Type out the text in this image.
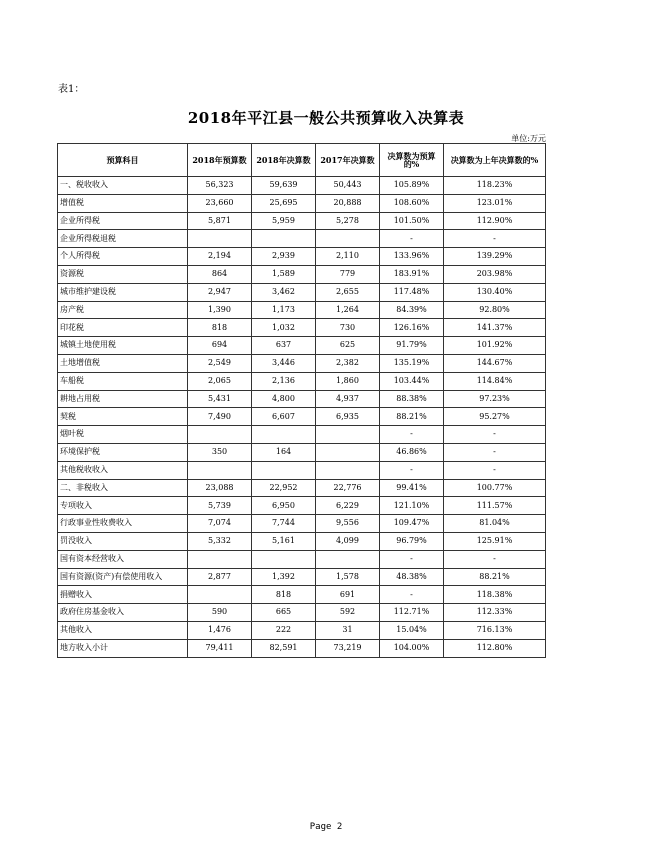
表1：
2018年平江县一般公共预算收入决算表
单位:万元
预算科目	2018年预算数	2018年决算数	2017年决算数	决算数为预算的%	决算数为上年决算数的%
一、税收收入	56,323	59,639	50,443	105.89%	118.23%
增值税	23,660	25,695	20,888	108.60%	123.01%
企业所得税	5,871	5,959	5,278	101.50%	112.90%
企业所得税退税				-	-
个人所得税	2,194	2,939	2,110	133.96%	139.29%
资源税	864	1,589	779	183.91%	203.98%
城市维护建设税	2,947	3,462	2,655	117.48%	130.40%
房产税	1,390	1,173	1,264	84.39%	92.80%
印花税	818	1,032	730	126.16%	141.37%
城镇土地使用税	694	637	625	91.79%	101.92%
土地增值税	2,549	3,446	2,382	135.19%	144.67%
车船税	2,065	2,136	1,860	103.44%	114.84%
耕地占用税	5,431	4,800	4,937	88.38%	97.23%
契税	7,490	6,607	6,935	88.21%	95.27%
烟叶税				-	-
环境保护税	350	164		46.86%	-
其他税收收入				-	-
二、非税收入	23,088	22,952	22,776	99.41%	100.77%
专项收入	5,739	6,950	6,229	121.10%	111.57%
行政事业性收费收入	7,074	7,744	9,556	109.47%	81.04%
罚没收入	5,332	5,161	4,099	96.79%	125.91%
国有资本经营收入				-	-
国有资源(资产)有偿使用收入	2,877	1,392	1,578	48.38%	88.21%
捐赠收入		818	691	-	118.38%
政府住房基金收入	590	665	592	112.71%	112.33%
其他收入	1,476	222	31	15.04%	716.13%
地方收入小计	79,411	82,591	73,219	104.00%	112.80%
Page 2
